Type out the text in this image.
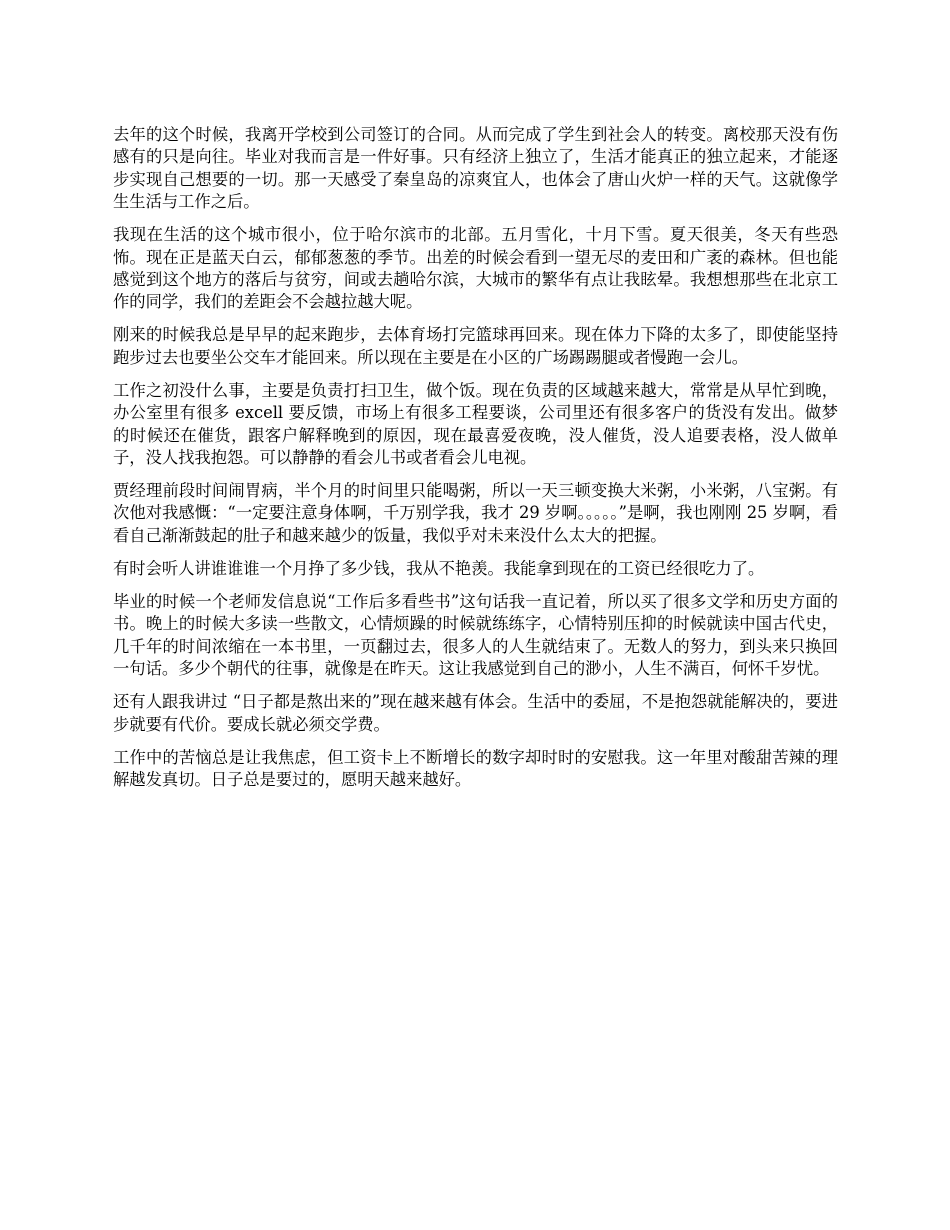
去年的这个时候，我离开学校到公司签订的合同。从而完成了学生到社会人的转变。离校那天没有伤感有的只是向往。毕业对我而言是一件好事。只有经济上独立了，生活才能真正的独立起来，才能逐步实现自己想要的一切。那一天感受了秦皇岛的凉爽宜人，也体会了唐山火炉一样的天气。这就像学生生活与工作之后。

我现在生活的这个城市很小，位于哈尔滨市的北部。五月雪化，十月下雪。夏天很美，冬天有些恐怖。现在正是蓝天白云，郁郁葱葱的季节。出差的时候会看到一望无尽的麦田和广袤的森林。但也能感觉到这个地方的落后与贫穷，间或去趟哈尔滨，大城市的繁华有点让我眩晕。我想想那些在北京工作的同学，我们的差距会不会越拉越大呢。

刚来的时候我总是早早的起来跑步，去体育场打完篮球再回来。现在体力下降的太多了，即使能坚持跑步过去也要坐公交车才能回来。所以现在主要是在小区的广场踢踢腿或者慢跑一会儿。

工作之初没什么事，主要是负责打扫卫生，做个饭。现在负责的区域越来越大，常常是从早忙到晚，办公室里有很多 excell 要反馈，市场上有很多工程要谈，公司里还有很多客户的货没有发出。做梦的时候还在催货，跟客户解释晚到的原因，现在最喜爱夜晚，没人催货，没人追要表格，没人做单子，没人找我抱怨。可以静静的看会儿书或者看会儿电视。

贾经理前段时间闹胃病，半个月的时间里只能喝粥，所以一天三顿变换大米粥，小米粥，八宝粥。有次他对我感慨：“一定要注意身体啊，千万别学我，我才 29 岁啊。。。。。”是啊，我也刚刚 25 岁啊，看看自己渐渐鼓起的肚子和越来越少的饭量，我似乎对未来没什么太大的把握。

有时会听人讲谁谁谁一个月挣了多少钱，我从不艳羡。我能拿到现在的工资已经很吃力了。

毕业的时候一个老师发信息说“工作后多看些书”这句话我一直记着，所以买了很多文学和历史方面的书。晚上的时候大多读一些散文，心情烦躁的时候就练练字，心情特别压抑的时候就读中国古代史，几千年的时间浓缩在一本书里，一页翻过去，很多人的人生就结束了。无数人的努力，到头来只换回一句话。多少个朝代的往事，就像是在昨天。这让我感觉到自己的渺小，人生不满百，何怀千岁忧。

还有人跟我讲过 “日子都是熬出来的”现在越来越有体会。生活中的委屈，不是抱怨就能解决的，要进步就要有代价。要成长就必须交学费。

工作中的苦恼总是让我焦虑，但工资卡上不断增长的数字却时时的安慰我。这一年里对酸甜苦辣的理解越发真切。日子总是要过的，愿明天越来越好。
